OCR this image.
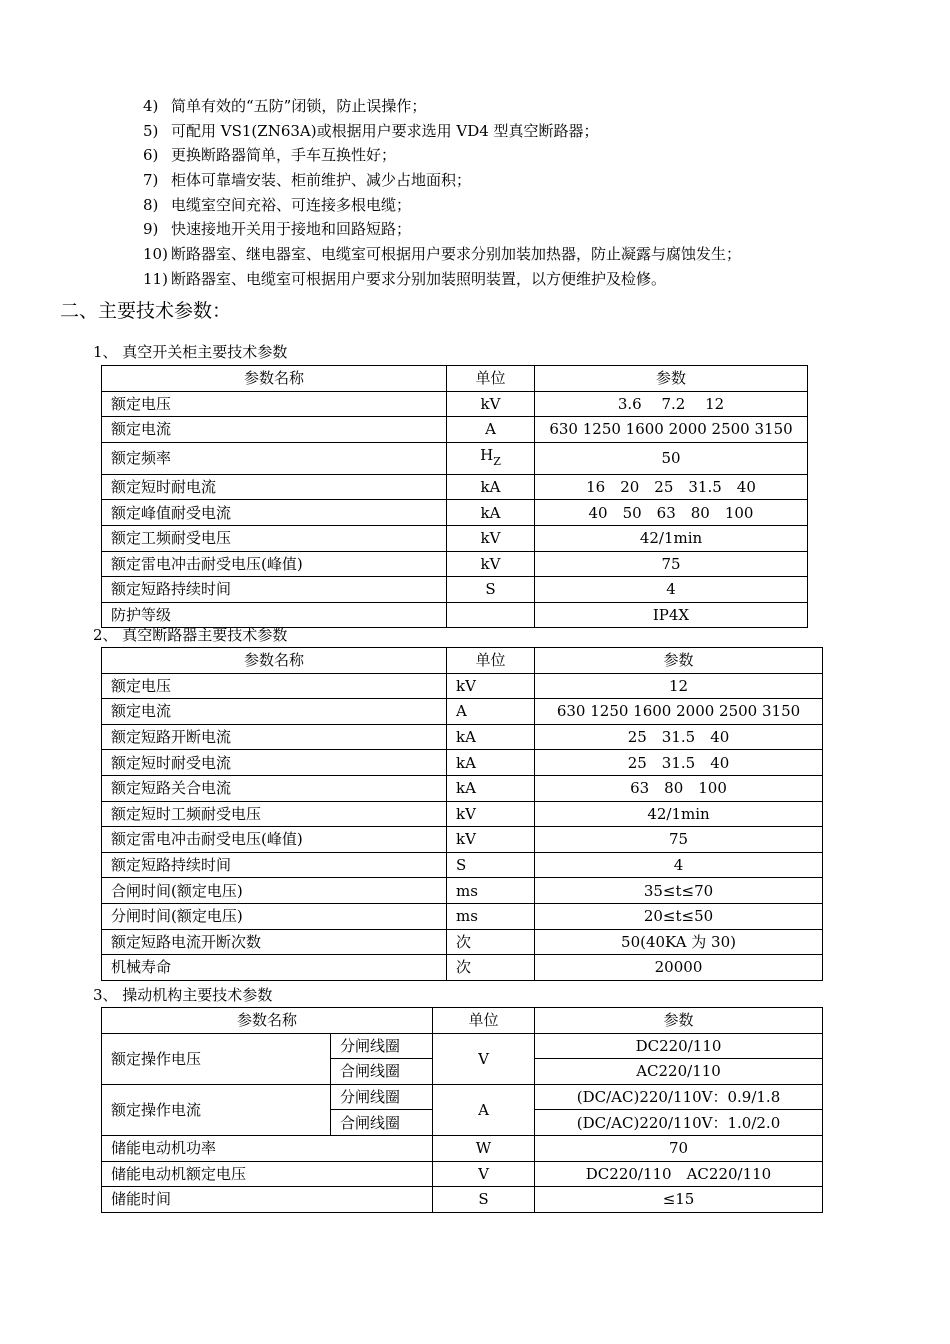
4) 简单有效的“五防”闭锁，防止误操作；
5) 可配用 VS1(ZN63A)或根据用户要求选用 VD4 型真空断路器；
6) 更换断路器简单，手车互换性好；
7) 柜体可靠墙安装、柜前维护、减少占地面积；
8) 电缆室空间充裕、可连接多根电缆；
9) 快速接地开关用于接地和回路短路；
10) 断路器室、继电器室、电缆室可根据用户要求分别加装加热器，防止凝露与腐蚀发生；
11) 断路器室、电缆室可根据用户要求分别加装照明装置，以方便维护及检修。
二、主要技术参数：
1、 真空开关柜主要技术参数
参数名称	单位	参数
额定电压	kV	3.6　 7.2　 12
额定电流	A	630 1250 1600 2000 2500 3150
额定频率	$H_Z$	50
额定短时耐电流	kA	16　20　25　31.5　40
额定峰值耐受电流	kA	40　50　63　80　100
额定工频耐受电压	kV	42/1min
额定雷电冲击耐受电压(峰值)	kV	75
额定短路持续时间	S	4
防护等级		IP4X
2、 真空断路器主要技术参数
参数名称	单位	参数
额定电压	kV	12
额定电流	A	630 1250 1600 2000 2500 3150
额定短路开断电流	kA	25　31.5　40
额定短时耐受电流	kA	25　31.5　40
额定短路关合电流	kA	63　80　100
额定短时工频耐受电压	kV	42/1min
额定雷电冲击耐受电压(峰值)	kV	75
额定短路持续时间	S	4
合闸时间(额定电压)	ms	35≤t≤70
分闸时间(额定电压)	ms	20≤t≤50
额定短路电流开断次数	次	50(40KA 为 30)
机械寿命	次	20000
3、 操动机构主要技术参数
参数名称		单位	参数
额定操作电压	分闸线圈	V	DC220/110
	合闸线圈		AC220/110
额定操作电流	分闸线圈	A	(DC/AC)220/110V：0.9/1.8
	合闸线圈		(DC/AC)220/110V：1.0/2.0
储能电动机功率		W	70
储能电动机额定电压		V	DC220/110　AC220/110
储能时间		S	≤15
